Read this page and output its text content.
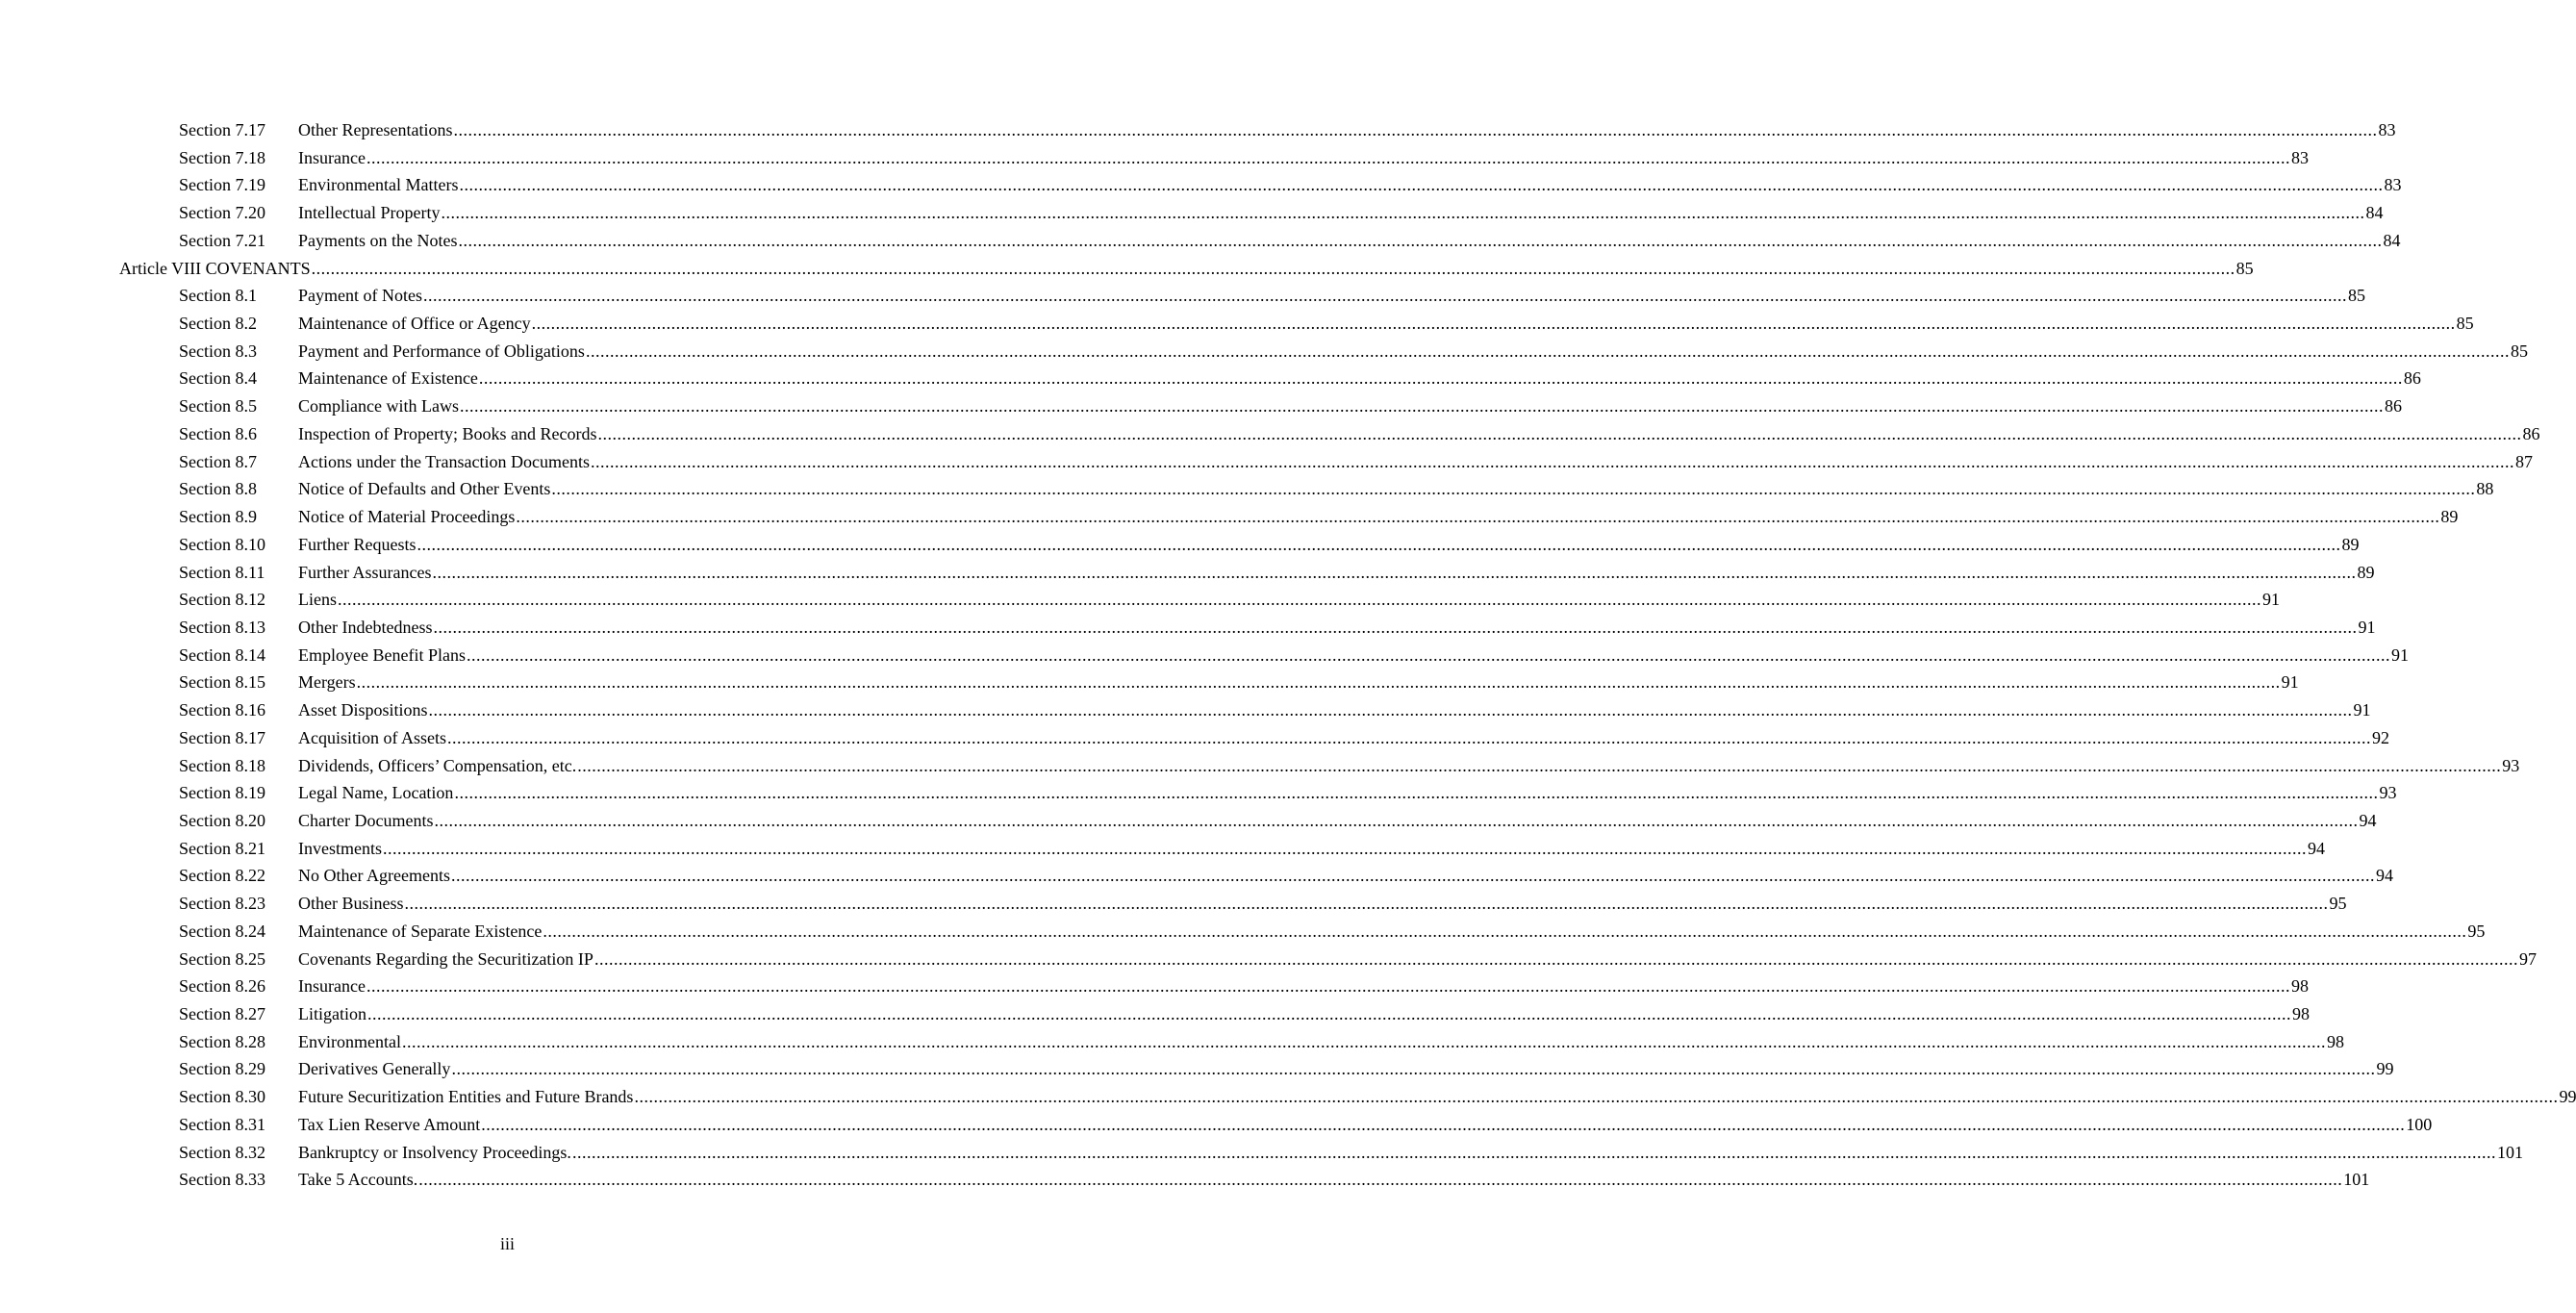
Section 7.17 Other Representations ................................................................................................................................................................................................................................................................................................................................................................................................................ 83
Section 7.18 Insurance ................................................................................................................................................................................................................................................................................................................................................................................................................ 83
Section 7.19 Environmental Matters ................................................................................................................................................................................................................................................................................................................................................................................................................ 83
Section 7.20 Intellectual Property ................................................................................................................................................................................................................................................................................................................................................................................................................ 84
Section 7.21 Payments on the Notes ................................................................................................................................................................................................................................................................................................................................................................................................................ 84
Article VIII COVENANTS ................................................................................................................................................................................................................................................................................................................................................................................................................ 85
Section 8.1 Payment of Notes ................................................................................................................................................................................................................................................................................................................................................................................................................ 85
Section 8.2 Maintenance of Office or Agency ................................................................................................................................................................................................................................................................................................................................................................................................................ 85
Section 8.3 Payment and Performance of Obligations ................................................................................................................................................................................................................................................................................................................................................................................................................ 85
Section 8.4 Maintenance of Existence ................................................................................................................................................................................................................................................................................................................................................................................................................ 86
Section 8.5 Compliance with Laws ................................................................................................................................................................................................................................................................................................................................................................................................................ 86
Section 8.6 Inspection of Property; Books and Records ................................................................................................................................................................................................................................................................................................................................................................................................................ 86
Section 8.7 Actions under the Transaction Documents ................................................................................................................................................................................................................................................................................................................................................................................................................ 87
Section 8.8 Notice of Defaults and Other Events ................................................................................................................................................................................................................................................................................................................................................................................................................ 88
Section 8.9 Notice of Material Proceedings ................................................................................................................................................................................................................................................................................................................................................................................................................ 89
Section 8.10 Further Requests ................................................................................................................................................................................................................................................................................................................................................................................................................ 89
Section 8.11 Further Assurances ................................................................................................................................................................................................................................................................................................................................................................................................................ 89
Section 8.12 Liens ................................................................................................................................................................................................................................................................................................................................................................................................................ 91
Section 8.13 Other Indebtedness ................................................................................................................................................................................................................................................................................................................................................................................................................ 91
Section 8.14 Employee Benefit Plans ................................................................................................................................................................................................................................................................................................................................................................................................................ 91
Section 8.15 Mergers ................................................................................................................................................................................................................................................................................................................................................................................................................ 91
Section 8.16 Asset Dispositions ................................................................................................................................................................................................................................................................................................................................................................................................................ 91
Section 8.17 Acquisition of Assets ................................................................................................................................................................................................................................................................................................................................................................................................................ 92
Section 8.18 Dividends, Officers’ Compensation, etc. ................................................................................................................................................................................................................................................................................................................................................................................................................ 93
Section 8.19 Legal Name, Location ................................................................................................................................................................................................................................................................................................................................................................................................................ 93
Section 8.20 Charter Documents ................................................................................................................................................................................................................................................................................................................................................................................................................ 94
Section 8.21 Investments ................................................................................................................................................................................................................................................................................................................................................................................................................ 94
Section 8.22 No Other Agreements ................................................................................................................................................................................................................................................................................................................................................................................................................ 94
Section 8.23 Other Business ................................................................................................................................................................................................................................................................................................................................................................................................................ 95
Section 8.24 Maintenance of Separate Existence ................................................................................................................................................................................................................................................................................................................................................................................................................ 95
Section 8.25 Covenants Regarding the Securitization IP ................................................................................................................................................................................................................................................................................................................................................................................................................ 97
Section 8.26 Insurance ................................................................................................................................................................................................................................................................................................................................................................................................................ 98
Section 8.27 Litigation ................................................................................................................................................................................................................................................................................................................................................................................................................ 98
Section 8.28 Environmental ................................................................................................................................................................................................................................................................................................................................................................................................................ 98
Section 8.29 Derivatives Generally ................................................................................................................................................................................................................................................................................................................................................................................................................ 99
Section 8.30 Future Securitization Entities and Future Brands ................................................................................................................................................................................................................................................................................................................................................................................................................ 99
Section 8.31 Tax Lien Reserve Amount ................................................................................................................................................................................................................................................................................................................................................................................................................ 100
Section 8.32 Bankruptcy or Insolvency Proceedings. ................................................................................................................................................................................................................................................................................................................................................................................................................ 101
Section 8.33 Take 5 Accounts. ................................................................................................................................................................................................................................................................................................................................................................................................................ 101
iii
